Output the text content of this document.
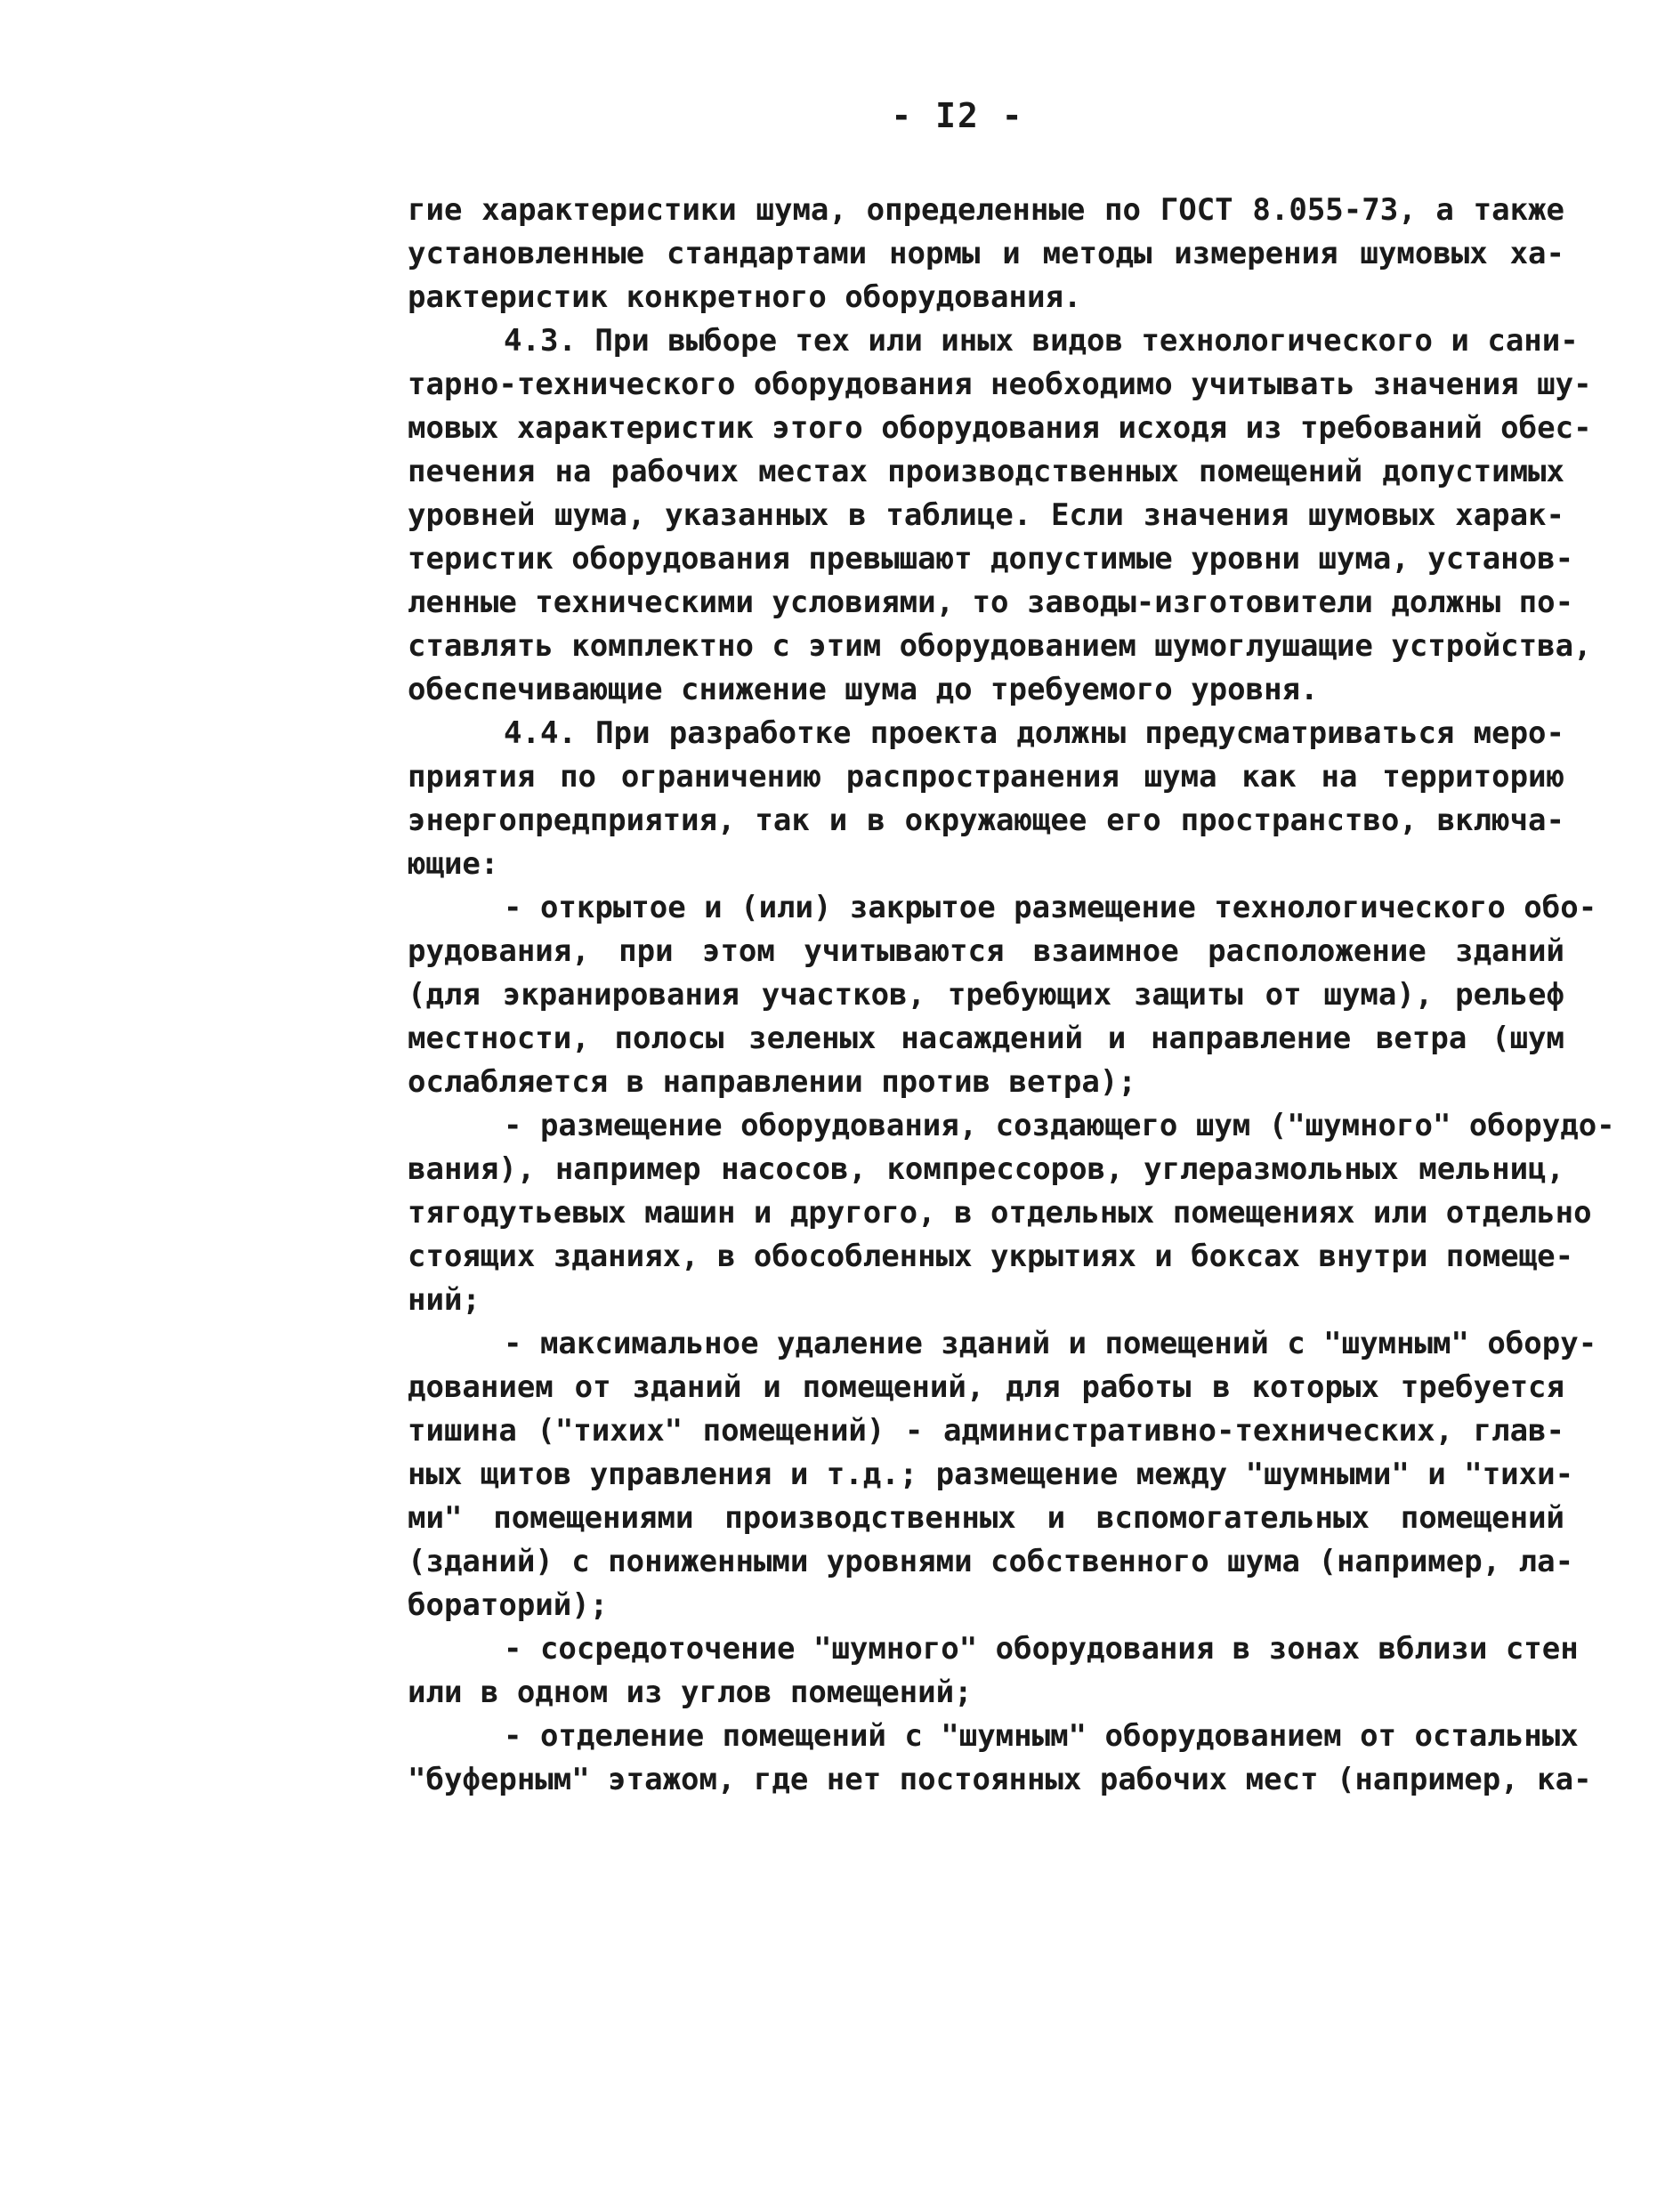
- I2 -
гие характеристики шума, определенные по ГОСТ 8.055-73, а также
установленные стандартами нормы и методы измерения шумовых ха-
рактеристик конкретного оборудования.
4.3. При выборе тех или иных видов технологического и сани-
тарно-технического оборудования необходимо учитывать значения шу-
мовых характеристик этого оборудования исходя из требований обес-
печения на рабочих местах производственных помещений допустимых
уровней шума, указанных в таблице. Если значения шумовых харак-
теристик оборудования превышают допустимые уровни шума, установ-
ленные техническими условиями, то заводы-изготовители должны по-
ставлять комплектно с этим оборудованием шумоглушащие устройства,
обеспечивающие снижение шума до требуемого уровня.
4.4. При разработке проекта должны предусматриваться меро-
приятия по ограничению распространения шума как на территорию
энергопредприятия, так и в окружающее его пространство, включа-
ющие:
- открытое и (или) закрытое размещение технологического обо-
рудования, при этом учитываются взаимное расположение зданий
(для экранирования участков, требующих защиты от шума), рельеф
местности, полосы зеленых насаждений и направление ветра (шум
ослабляется в направлении против ветра);
- размещение оборудования, создающего шум ("шумного" оборудо-
вания), например насосов, компрессоров, углеразмольных мельниц,
тягодутьевых машин и другого, в отдельных помещениях или отдельно
стоящих зданиях, в обособленных укрытиях и боксах внутри помеще-
ний;
- максимальное удаление зданий и помещений с "шумным" обору-
дованием от зданий и помещений, для работы в которых требуется
тишина ("тихих" помещений) - административно-технических, глав-
ных щитов управления и т.д.; размещение между "шумными" и "тихи-
ми" помещениями производственных и вспомогательных помещений
(зданий) с пониженными уровнями собственного шума (например, ла-
бораторий);
- сосредоточение "шумного" оборудования в зонах вблизи стен
или в одном из углов помещений;
- отделение помещений с "шумным" оборудованием от остальных
"буферным" этажом, где нет постоянных рабочих мест (например, ка-
